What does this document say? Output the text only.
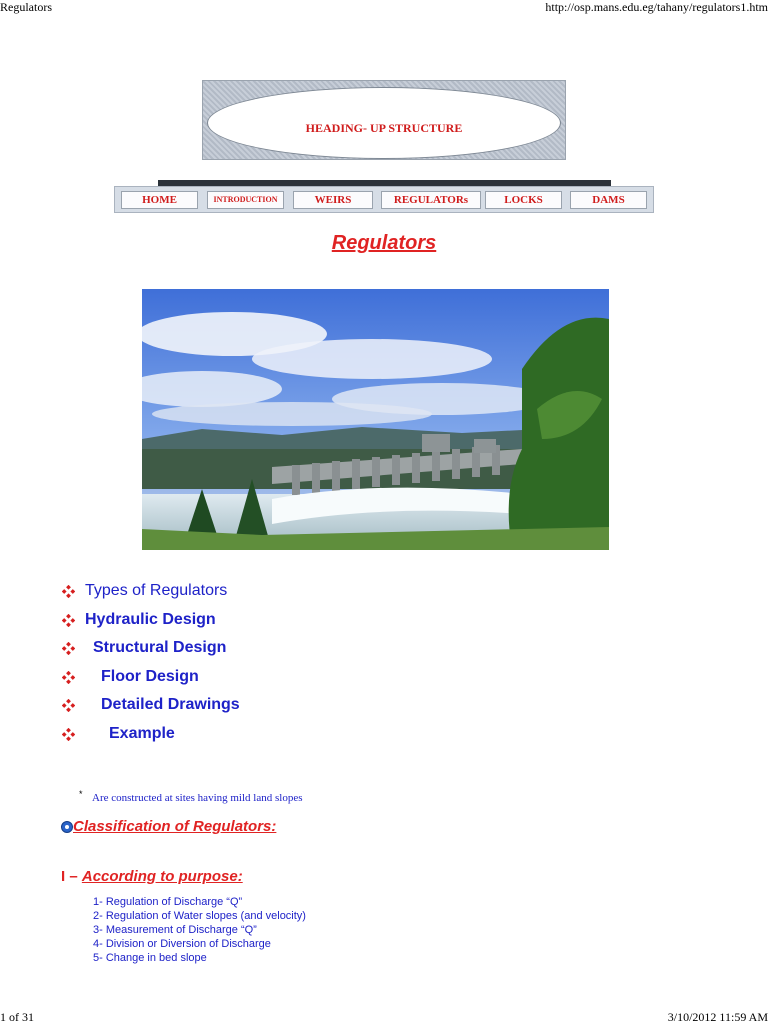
Regulators	http://osp.mans.edu.eg/tahany/regulators1.htm
HEADING- UP STRUCTURE
HOME	INTRODUCTION	WEIRS	REGULATORs	LOCKS	DAMS
Regulators
Types of Regulators
Hydraulic Design
Structural Design
Floor Design
Detailed Drawings
Example
* Are constructed at sites having mild land slopes
Classification of Regulators:
I – According to purpose:
1- Regulation of Discharge “Q”
2- Regulation of Water slopes (and velocity)
3- Measurement of Discharge “Q”
4- Division or Diversion of Discharge
5- Change in bed slope
1 of 31	3/10/2012 11:59 AM
